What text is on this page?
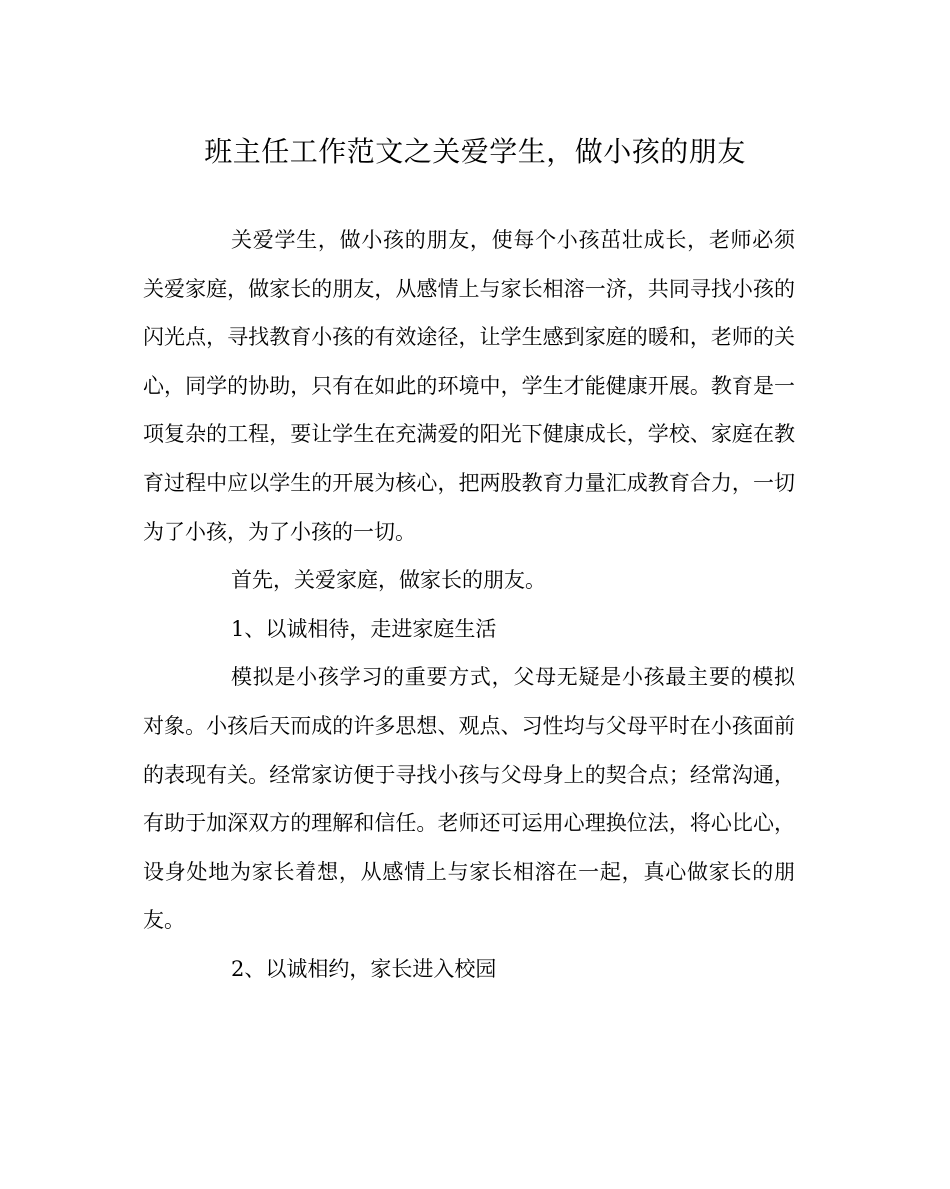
班主任工作范文之关爱学生，做小孩的朋友

关爱学生，做小孩的朋友，使每个小孩茁壮成长，老师必须关爱家庭，做家长的朋友，从感情上与家长相溶一济，共同寻找小孩的闪光点，寻找教育小孩的有效途径，让学生感到家庭的暖和，老师的关心，同学的协助，只有在如此的环境中，学生才能健康开展。教育是一项复杂的工程，要让学生在充满爱的阳光下健康成长，学校、家庭在教育过程中应以学生的开展为核心，把两股教育力量汇成教育合力，一切为了小孩，为了小孩的一切。

首先，关爱家庭，做家长的朋友。

1、以诚相待，走进家庭生活

模拟是小孩学习的重要方式，父母无疑是小孩最主要的模拟对象。小孩后天而成的许多思想、观点、习性均与父母平时在小孩面前的表现有关。经常家访便于寻找小孩与父母身上的契合点；经常沟通，有助于加深双方的理解和信任。老师还可运用心理换位法，将心比心，设身处地为家长着想，从感情上与家长相溶在一起，真心做家长的朋友。

2、以诚相约，家长进入校园
